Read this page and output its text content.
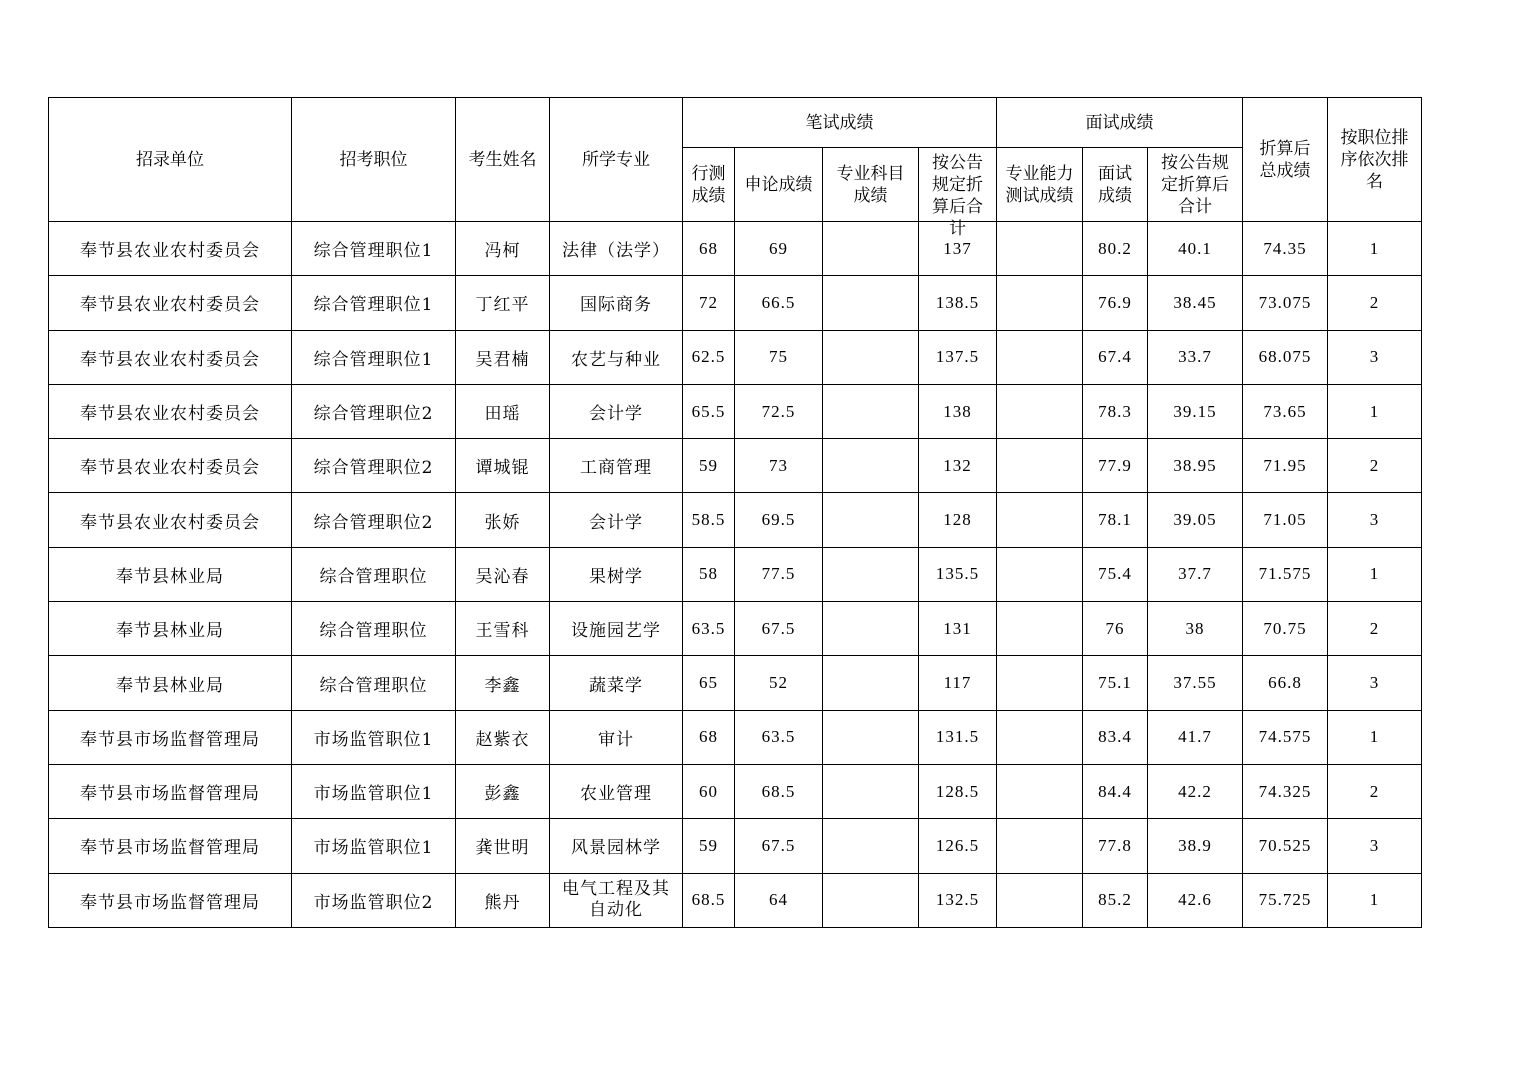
招录单位	招考职位	考生姓名	所学专业	笔试成绩				面试成绩			折算后总成绩	按职位排序依次排名
				行测成绩	申论成绩	专业科目成绩	按公告规定折算后合计	专业能力测试成绩	面试成绩	按公告规定折算后合计		
奉节县农业农村委员会	综合管理职位1	冯柯	法律（法学）	68	69		137		80.2	40.1	74.35	1
奉节县农业农村委员会	综合管理职位1	丁红平	国际商务	72	66.5		138.5		76.9	38.45	73.075	2
奉节县农业农村委员会	综合管理职位1	吴君楠	农艺与种业	62.5	75		137.5		67.4	33.7	68.075	3
奉节县农业农村委员会	综合管理职位2	田瑶	会计学	65.5	72.5		138		78.3	39.15	73.65	1
奉节县农业农村委员会	综合管理职位2	谭城锟	工商管理	59	73		132		77.9	38.95	71.95	2
奉节县农业农村委员会	综合管理职位2	张娇	会计学	58.5	69.5		128		78.1	39.05	71.05	3
奉节县林业局	综合管理职位	吴沁春	果树学	58	77.5		135.5		75.4	37.7	71.575	1
奉节县林业局	综合管理职位	王雪科	设施园艺学	63.5	67.5		131		76	38	70.75	2
奉节县林业局	综合管理职位	李鑫	蔬菜学	65	52		117		75.1	37.55	66.8	3
奉节县市场监督管理局	市场监管职位1	赵紫衣	审计	68	63.5		131.5		83.4	41.7	74.575	1
奉节县市场监督管理局	市场监管职位1	彭鑫	农业管理	60	68.5		128.5		84.4	42.2	74.325	2
奉节县市场监督管理局	市场监管职位1	龚世明	风景园林学	59	67.5		126.5		77.8	38.9	70.525	3
奉节县市场监督管理局	市场监管职位2	熊丹	电气工程及其自动化	68.5	64		132.5		85.2	42.6	75.725	1
